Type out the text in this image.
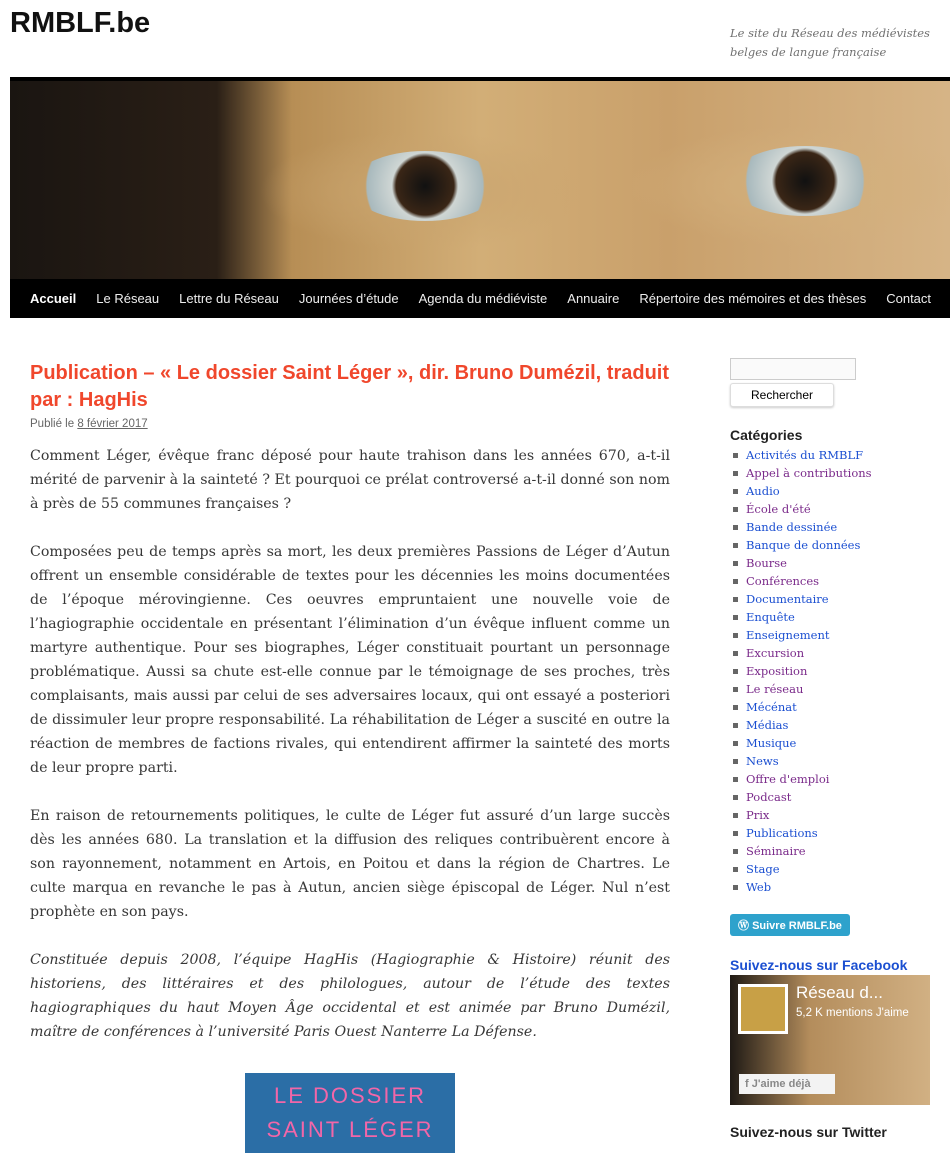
RMBLF.be	Le site du Réseau des médiévistes belges de langue française
Accueil Le Réseau Lettre du Réseau Journées d’étude Agenda du médiéviste Annuaire Répertoire des mémoires et des thèses Contact
Publication – « Le dossier Saint Léger », dir. Bruno Dumézil, traduit par : HagHis
Publié le 8 février 2017

Comment Léger, évêque franc déposé pour haute trahison dans les années 670, a-t-il mérité de parvenir à la sainteté ? Et pourquoi ce prélat controversé a-t-il donné son nom à près de 55 communes françaises ?

Composées peu de temps après sa mort, les deux premières Passions de Léger d’Autun offrent un ensemble considérable de textes pour les décennies les moins documentées de l’époque mérovingienne. Ces oeuvres empruntaient une nouvelle voie de l’hagiographie occidentale en présentant l’élimination d’un évêque influent comme un martyre authentique. Pour ses biographes, Léger constituait pourtant un personnage problématique. Aussi sa chute est-elle connue par le témoignage de ses proches, très complaisants, mais aussi par celui de ses adversaires locaux, qui ont essayé a posteriori de dissimuler leur propre responsabilité. La réhabilitation de Léger a suscité en outre la réaction de membres de factions rivales, qui entendirent affirmer la sainteté des morts de leur propre parti.

En raison de retournements politiques, le culte de Léger fut assuré d’un large succès dès les années 680. La translation et la diffusion des reliques contribuèrent encore à son rayonnement, notamment en Artois, en Poitou et dans la région de Chartres. Le culte marqua en revanche le pas à Autun, ancien siège épiscopal de Léger. Nul n’est prophète en son pays.

Constituée depuis 2008, l’équipe HagHis (Hagiographie & Histoire) réunit des historiens, des littéraires et des philologues, autour de l’étude des textes hagiographiques du haut Moyen Âge occidental et est animée par Bruno Dumézil, maître de conférences à l’université Paris Ouest Nanterre La Défense.

LE DOSSIER
SAINT LÉGER

Rechercher
Catégories
Activités du RMBLF
Appel à contributions
Audio
École d'été
Bande dessinée
Banque de données
Bourse
Conférences
Documentaire
Enquête
Enseignement
Excursion
Exposition
Le réseau
Mécénat
Médias
Musique
News
Offre d'emploi
Podcast
Prix
Publications
Séminaire
Stage
Web
Ⓦ Suivre RMBLF.be
Suivez-nous sur Facebook
Réseau d...
5,2 K mentions J'aime
f J'aime déjà
Suivez-nous sur Twitter
